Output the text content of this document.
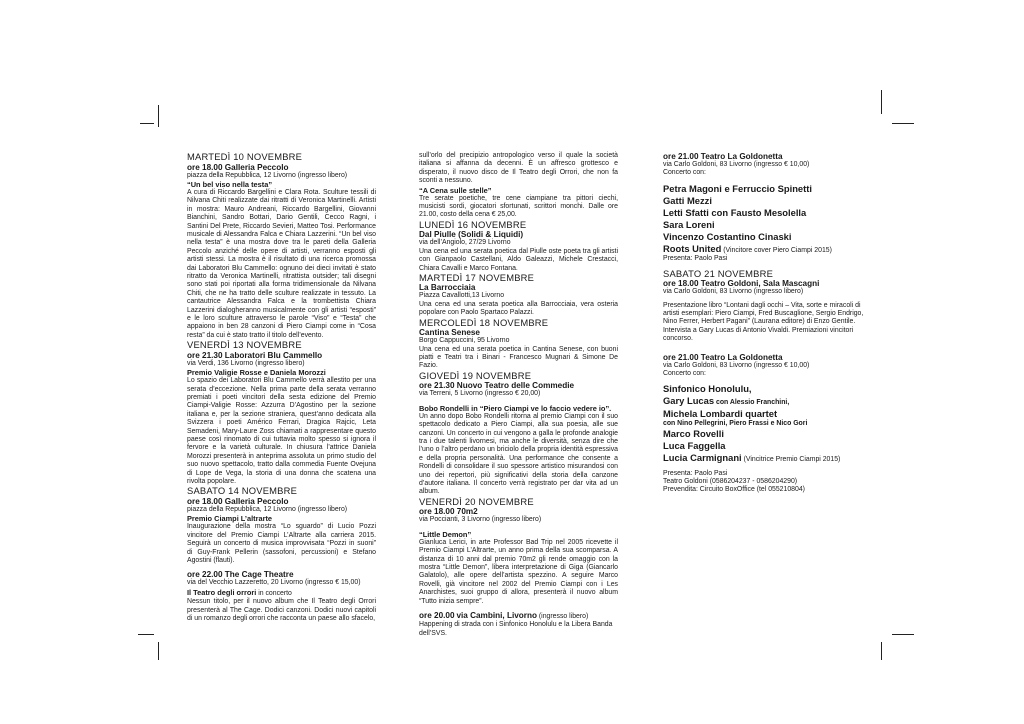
MARTEDÌ 10 NOVEMBRE

ore 18.00 Galleria Peccolo

piazza della Repubblica, 12 Livorno (ingresso libero)

“Un bel viso nella testa”

A cura di Riccardo Bargellini e Clara Rota. Sculture tessili di Nilvana Chiti realizzate dai ritratti di Veronica Martinelli. Artisti in mostra: Mauro Andreani, Riccardo Bargellini, Giovanni Bianchini, Sandro Bottari, Dario Gentili, Cecco Ragni, i Santini Del Prete, Riccardo Sevieri, Matteo Tosi. Performance musicale di Alessandra Falca e Chiara Lazzerini. “Un bel viso nella testa” è una mostra dove tra le pareti della Galleria Peccolo anziché delle opere di artisti, verranno esposti gli artisti stessi. La mostra è il risultato di una ricerca promossa dai Laboratori Blu Cammello: ognuno dei dieci invitati è stato ritratto da Veronica Martinelli, ritrattista outsider; tali disegni sono stati poi riportati alla forma tridimensionale da Nilvana Chiti, che ne ha tratto delle sculture realizzate in tessuto. La cantautrice Alessandra Falca e la trombettista Chiara Lazzerini dialogheranno musicalmente con gli artisti “esposti” e le loro sculture attraverso le parole “Viso” e “Testa” che appaiono in ben 28 canzoni di Piero Ciampi come in “Cosa resta” da cui è stato tratto il titolo dell’evento.

VENERDÌ 13 NOVEMBRE

ore 21.30 Laboratori Blu Cammello

via Verdi, 136 Livorno (ingresso libero)

Premio Valigie Rosse e Daniela Morozzi

Lo spazio dei Laboratori Blu Cammello verrà allestito per una serata d’eccezione. Nella prima parte della serata verranno premiati i poeti vincitori della sesta edizione del Premio Ciampi-Valigie Rosse: Azzurra D’Agostino per la sezione italiana e, per la sezione straniera, quest’anno dedicata alla Svizzera i poeti Américo Ferrari, Dragica Rajcic, Leta Semadeni, Mary-Laure Zoss chiamati a rappresentare questo paese così rinomato di cui tuttavia molto spesso si ignora il fervore e la varietà culturale. In chiusura l’attrice Daniela Morozzi presenterà in anteprima assoluta un primo studio del suo nuovo spettacolo, tratto dalla commedia Fuente Ovejuna di Lope de Vega, la storia di una donna che scatena una rivolta popolare.

SABATO 14 NOVEMBRE

ore 18.00 Galleria Peccolo

piazza della Repubblica, 12 Livorno (ingresso libero)

Premio Ciampi L’altrarte

Inaugurazione della mostra “Lo sguardo” di Lucio Pozzi vincitore del Premio Ciampi L’Altrarte alla carriera 2015. Seguirà un concerto di musica improvvisata “Pozzi in suoni” di Guy-Frank Pellerin (sassofoni, percussioni) e Stefano Agostini (flauti).

ore 22.00 The Cage Theatre

via del Vecchio Lazzeretto, 20 Livorno (ingresso € 15,00)

Il Teatro degli orrori in concerto

Nessun titolo, per il nuovo album che Il Teatro degli Orrori presenterà al The Cage. Dodici canzoni. Dodici nuovi capitoli di un romanzo degli orrori che racconta un paese allo sfacelo,

sull’orlo del precipizio antropologico verso il quale la società italiana si affanna da decenni. È un affresco grottesco e disperato, il nuovo disco de Il Teatro degli Orrori, che non fa sconti a nessuno.

“A Cena sulle stelle”

Tre serate poetiche, tre cene ciampiane tra pittori ciechi, musicisti sordi, giocatori sfortunati, scrittori monchi. Dalle ore 21.00, costo della cena € 25,00.

LUNEDÌ 16 NOVEMBRE

Dal Piulle (Solidi & Liquidi)

via dell’Angiolo, 27/29 Livorno

Una cena ed una serata poetica dal Piulle oste poeta tra gli artisti con Gianpaolo Castellani, Aldo Galeazzi, Michele Crestacci, Chiara Cavalli e Marco Fontana.

MARTEDÌ 17 NOVEMBRE

La Barrocciaia

Piazza Cavallotti,13 Livorno

Una cena ed una serata poetica alla Barrocciaia, vera osteria popolare con Paolo Spartaco Palazzi.

MERCOLEDÌ 18 NOVEMBRE

Cantina Senese

Borgo Cappuccini, 95 Livorno

Una cena ed una serata poetica in Cantina Senese, con buoni piatti e Teatri tra i Binari - Francesco Mugnari & Simone De Fazio.

GIOVEDÌ 19 NOVEMBRE

ore 21.30 Nuovo Teatro delle Commedie

via Terreni, 5 Livorno (ingresso € 20,00)

Bobo Rondelli in “Piero Ciampi ve lo faccio vedere io”.

Un anno dopo Bobo Rondelli ritorna al premio Ciampi con il suo spettacolo dedicato a Piero Ciampi, alla sua poesia, alle sue canzoni. Un concerto in cui vengono a galla le profonde analogie tra i due talenti livornesi, ma anche le diversità, senza dire che l’uno o l’altro perdano un briciolo della propria identità espressiva e della propria personalità. Una performance che consente a Rondelli di consolidare il suo spessore artistico misurandosi con uno dei repertori, più significativi della storia della canzone d’autore italiana. Il concerto verrà registrato per dar vita ad un album.

VENERDÌ 20 NOVEMBRE

ore 18.00 70m2

via Poccianti, 3 Livorno (ingresso libero)

“Little Demon”

Gianluca Lerici, in arte Professor Bad Trip nel 2005 ricevette il Premio Ciampi L’Altrarte, un anno prima della sua scomparsa. A distanza di 10 anni dal premio 70m2 gli rende omaggio con la mostra “Little Demon”, libera interpretazione di Giga (Giancarlo Galatolo), alle opere dell’artista spezzino. A seguire Marco Rovelli, già vincitore nel 2002 del Premio Ciampi con i Les Anarchistes, suoi gruppo di allora, presenterà il nuovo album “Tutto inizia sempre”.

ore 20.00 via Cambini, Livorno (ingresso libero)

Happening di strada con i Sinfonico Honolulu e la Libera Banda dell’SVS.

ore 21.00 Teatro La Goldonetta

via Carlo Goldoni, 83 Livorno (ingresso € 10,00)

Concerto con:

Petra Magoni e Ferruccio Spinetti

Gatti Mezzi

Letti Sfatti con Fausto Mesolella

Sara Loreni

Vincenzo Costantino Cinaski

Roots United (Vincitore cover Piero Ciampi 2015)

Presenta: Paolo Pasi

SABATO 21 NOVEMBRE

ore 18.00 Teatro Goldoni, Sala Mascagni

via Carlo Goldoni, 83 Livorno (ingresso libero)

Presentazione libro “Lontani dagli occhi – Vita, sorte e miracoli di artisti esemplari: Piero Ciampi, Fred Buscaglione, Sergio Endrigo, Nino Ferrer, Herbert Pagani” (Laurana editore) di Enzo Gentile. Intervista a Gary Lucas di Antonio Vivaldi. Premiazioni vincitori concorso.

ore 21.00 Teatro La Goldonetta

via Carlo Goldoni, 83 Livorno (ingresso € 10,00)

Concerto con:

Sinfonico Honolulu,

Gary Lucas con Alessio Franchini,

Michela Lombardi quartet

con Nino Pellegrini, Piero Frassi e Nico Gori

Marco Rovelli

Luca Faggella

Lucia Carmignani (Vincitrice Premio Ciampi 2015)

Presenta: Paolo Pasi

Teatro Goldoni (0586204237 - 0586204290)

Prevendita: Circuito BoxOffice (tel 055210804)
